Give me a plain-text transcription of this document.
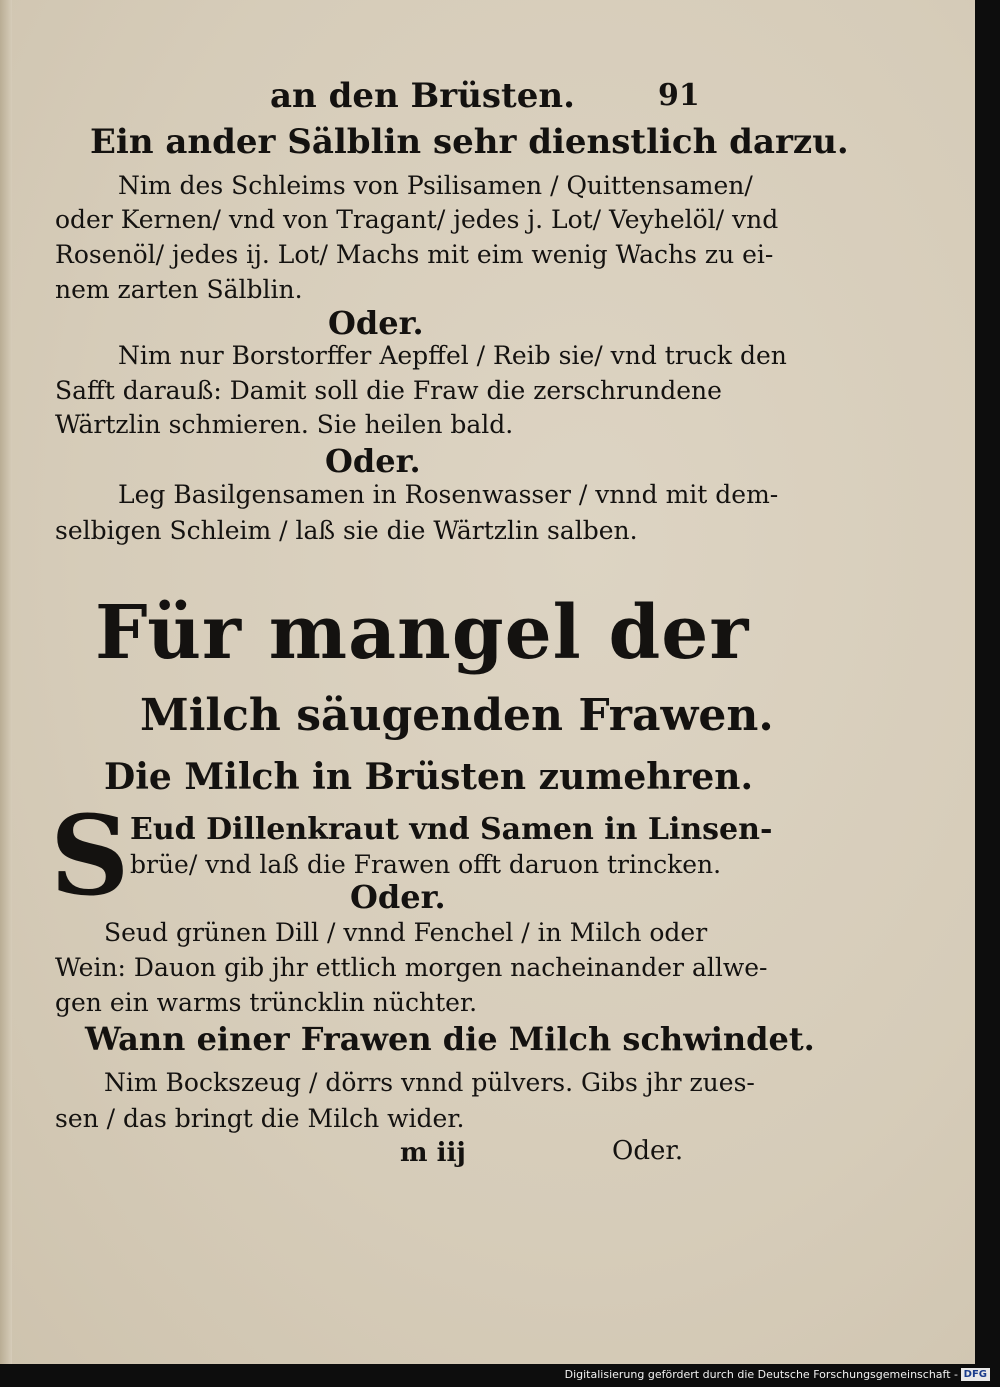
an den Brüsten.	91
Ein ander Sälblin sehr dienstlich darzu.
Nim des Schleims von Psilisamen / Quittensamen/
oder Kernen/ vnd von Tragant/ jedes j. Lot/ Veyhelöl/ vnd
Rosenöl/ jedes ij. Lot/ Machs mit eim wenig Wachs zu ei-
nem zarten Sälblin.
Oder.
Nim nur Borstorffer Aepffel / Reib sie/ vnd truck den
Safft darauß: Damit soll die Fraw die zerschrundene
Wärtzlin schmieren. Sie heilen bald.
Oder.
Leg Basilgensamen in Rosenwasser / vnnd mit dem-
selbigen Schleim / laß sie die Wärtzlin salben.
Für mangel der
Milch säugenden Frawen.
Die Milch in Brüsten zumehren.
S Eud Dillenkraut vnd Samen in Linsen-
brüe/ vnd laß die Frawen offt daruon trincken.
Oder.
Seud grünen Dill / vnnd Fenchel / in Milch oder
Wein: Dauon gib jhr ettlich morgen nacheinander allwe-
gen ein warms trüncklin nüchter.
Wann einer Frawen die Milch schwindet.
Nim Bockszeug / dörrs vnnd pülvers. Gibs jhr zues-
sen / das bringt die Milch wider.
m iij	Oder.
Digitalisierung gefördert durch die Deutsche Forschungsgemeinschaft - DFG
